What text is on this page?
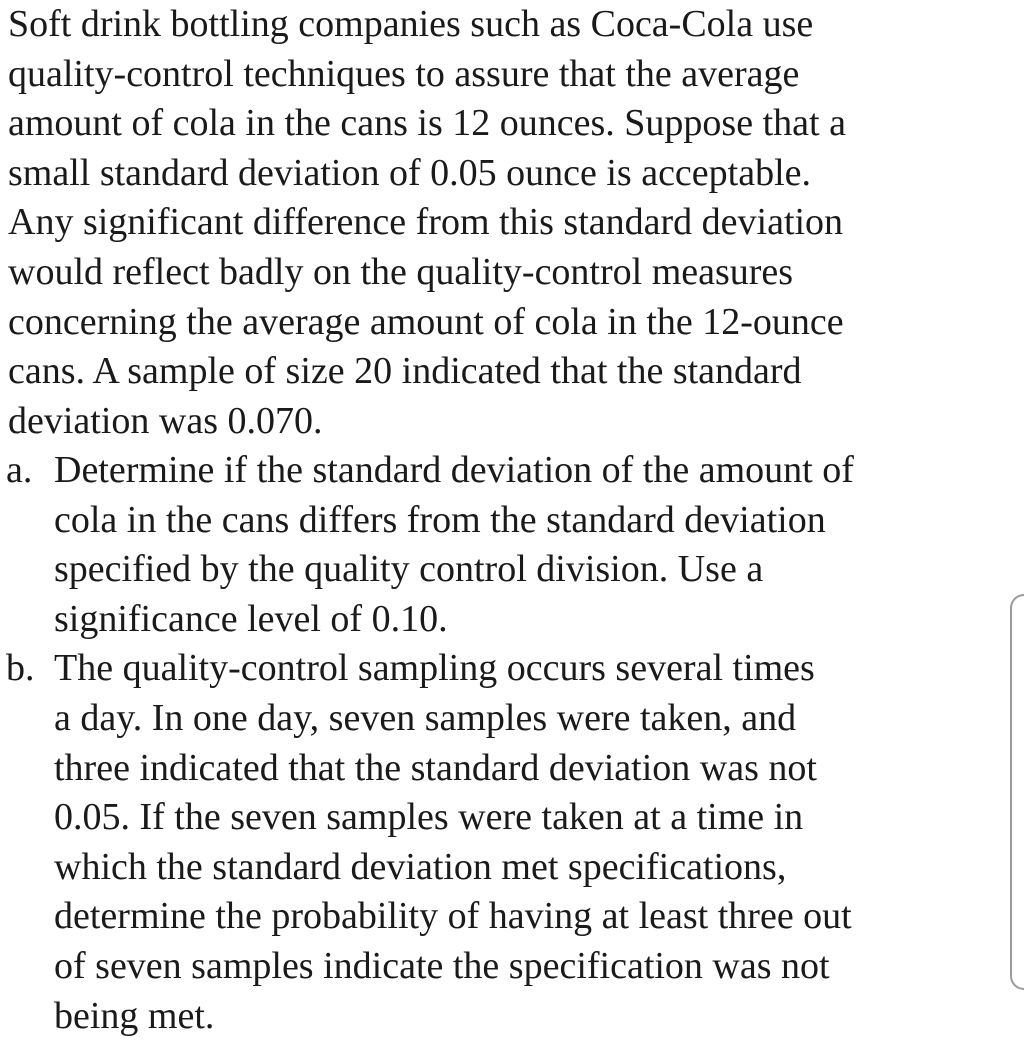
Soft drink bottling companies such as Coca-Cola use
quality-control techniques to assure that the average
amount of cola in the cans is 12 ounces. Suppose that a
small standard deviation of 0.05 ounce is acceptable.
Any significant difference from this standard deviation
would reflect badly on the quality-control measures
concerning the average amount of cola in the 12-ounce
cans. A sample of size 20 indicated that the standard
deviation was 0.070.
a. Determine if the standard deviation of the amount of
cola in the cans differs from the standard deviation
specified by the quality control division. Use a
significance level of 0.10.
b. The quality-control sampling occurs several times
a day. In one day, seven samples were taken, and
three indicated that the standard deviation was not
0.05. If the seven samples were taken at a time in
which the standard deviation met specifications,
determine the probability of having at least three out
of seven samples indicate the specification was not
being met.
